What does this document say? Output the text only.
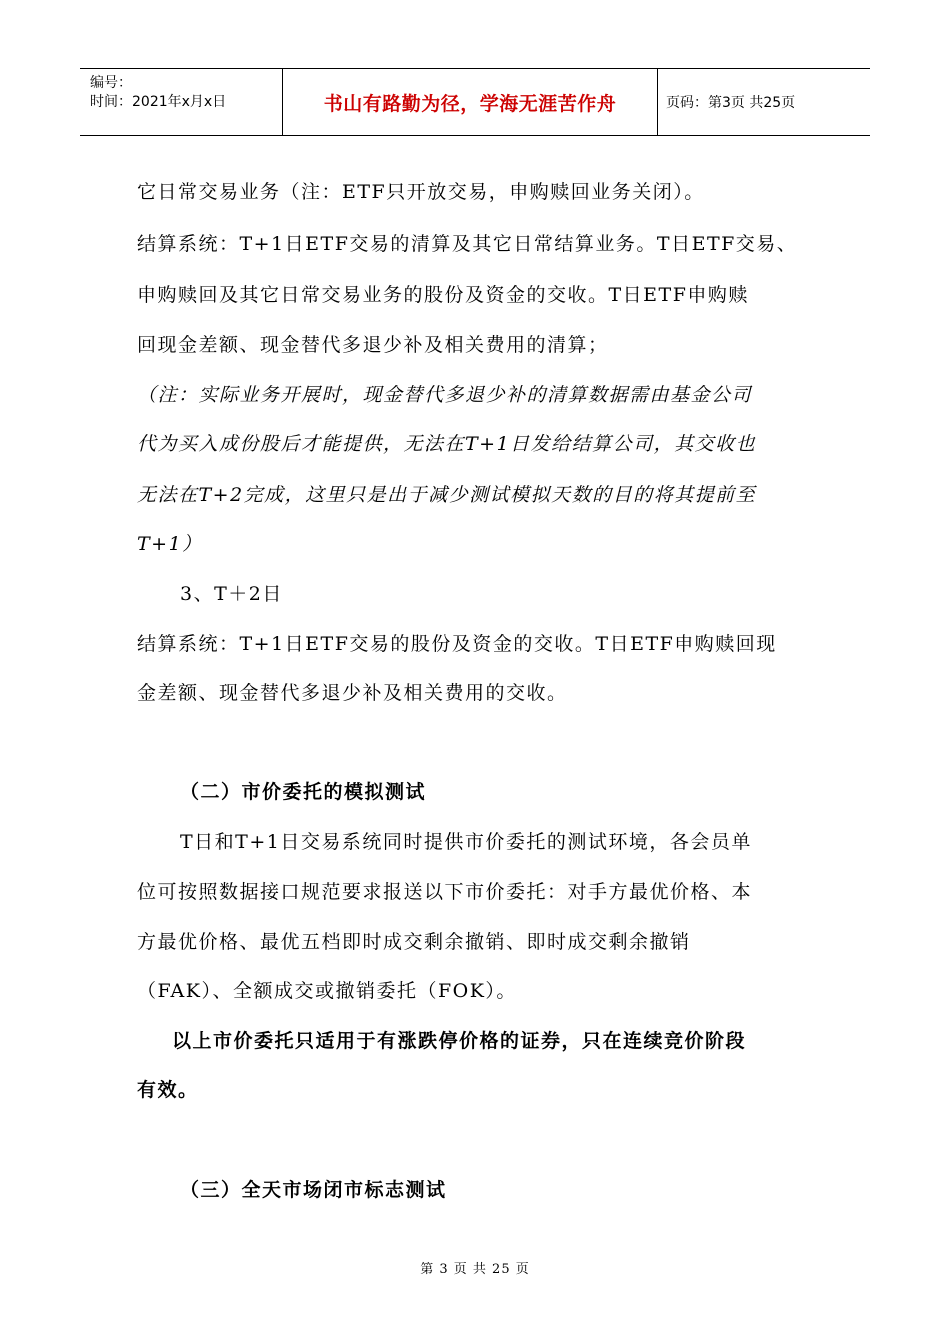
编号：
时间：2021年x月x日	书山有路勤为径，学海无涯苦作舟	页码：第3页 共25页
它日常交易业务（注：ETF只开放交易，申购赎回业务关闭）。
结算系统：T+1日ETF交易的清算及其它日常结算业务。T日ETF交易、
申购赎回及其它日常交易业务的股份及资金的交收。T日ETF申购赎
回现金差额、现金替代多退少补及相关费用的清算；
（注：实际业务开展时，现金替代多退少补的清算数据需由基金公司
代为买入成份股后才能提供，无法在T+1日发给结算公司，其交收也
无法在T+2完成，这里只是出于减少测试模拟天数的目的将其提前至
T+1）
3、T＋2日
结算系统：T+1日ETF交易的股份及资金的交收。T日ETF申购赎回现
金差额、现金替代多退少补及相关费用的交收。
（二）市价委托的模拟测试
T日和T+1日交易系统同时提供市价委托的测试环境，各会员单
位可按照数据接口规范要求报送以下市价委托：对手方最优价格、本
方最优价格、最优五档即时成交剩余撤销、即时成交剩余撤销
（FAK）、全额成交或撤销委托（FOK）。
以上市价委托只适用于有涨跌停价格的证券，只在连续竞价阶段
有效。
（三）全天市场闭市标志测试
第 3 页 共 25 页
